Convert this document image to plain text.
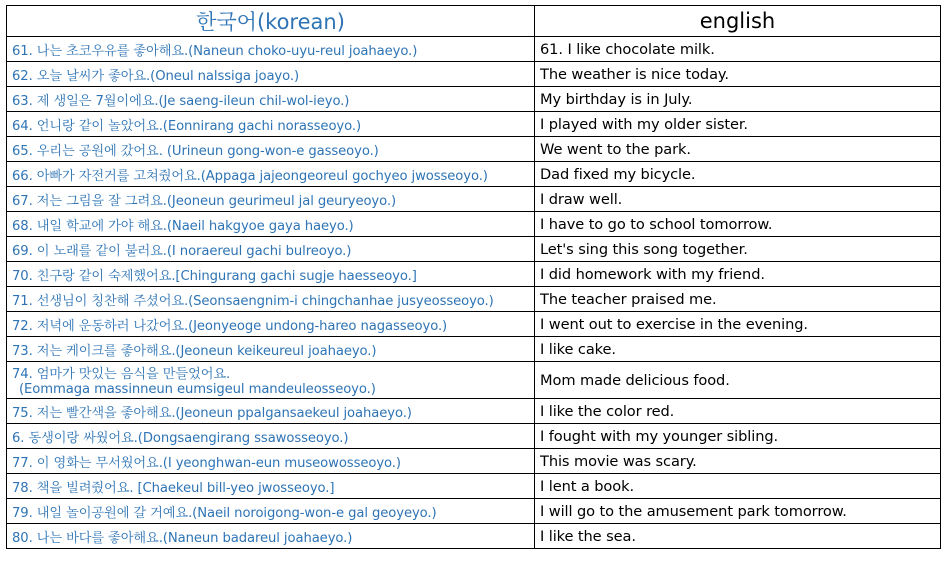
한국어(korean)	english
61. 나는 초코우유를 좋아해요.(Naneun choko-uyu-reul joahaeyo.)	61. I like chocolate milk.
62. 오늘 날씨가 좋아요.(Oneul nalssiga joayo.)	The weather is nice today.
63. 제 생일은 7월이에요.(Je saeng-ileun chil-wol-ieyo.)	My birthday is in July.
64. 언니랑 같이 놀았어요.(Eonnirang gachi norasseoyo.)	I played with my older sister.
65. 우리는 공원에 갔어요. (Urineun gong-won-e gasseoyo.)	We went to the park.
66. 아빠가 자전거를 고쳐줬어요.(Appaga jajeongeoreul gochyeo jwosseoyo.)	Dad fixed my bicycle.
67. 저는 그림을 잘 그려요.(Jeoneun geurimeul jal geuryeoyo.)	I draw well.
68. 내일 학교에 가야 해요.(Naeil hakgyoe gaya haeyo.)	I have to go to school tomorrow.
69. 이 노래를 같이 불러요.(I noraereul gachi bulreoyo.)	Let's sing this song together.
70. 친구랑 같이 숙제했어요.[Chingurang gachi sugje haesseoyo.]	I did homework with my friend.
71. 선생님이 칭찬해 주셨어요.(Seonsaengnim-i chingchanhae jusyeosseoyo.)	The teacher praised me.
72. 저녁에 운동하러 나갔어요.(Jeonyeoge undong-hareo nagasseoyo.)	I went out to exercise in the evening.
73. 저는 케이크를 좋아해요.(Jeoneun keikeureul joahaeyo.)	I like cake.
74. 엄마가 맛있는 음식을 만들었어요.
(Eommaga massinneun eumsigeul mandeuleosseoyo.)	Mom made delicious food.
75. 저는 빨간색을 좋아해요.(Jeoneun ppalgansaekeul joahaeyo.)	I like the color red.
6. 동생이랑 싸웠어요.(Dongsaengirang ssawosseoyo.)	I fought with my younger sibling.
77. 이 영화는 무서웠어요.(I yeonghwan-eun museowosseoyo.)	This movie was scary.
78. 책을 빌려줬어요. [Chaekeul bill-yeo jwosseoyo.]	I lent a book.
79. 내일 놀이공원에 갈 거예요.(Naeil noroigong-won-e gal geoyeyo.)	I will go to the amusement park tomorrow.
80. 나는 바다를 좋아해요.(Naneun badareul joahaeyo.)	I like the sea.
